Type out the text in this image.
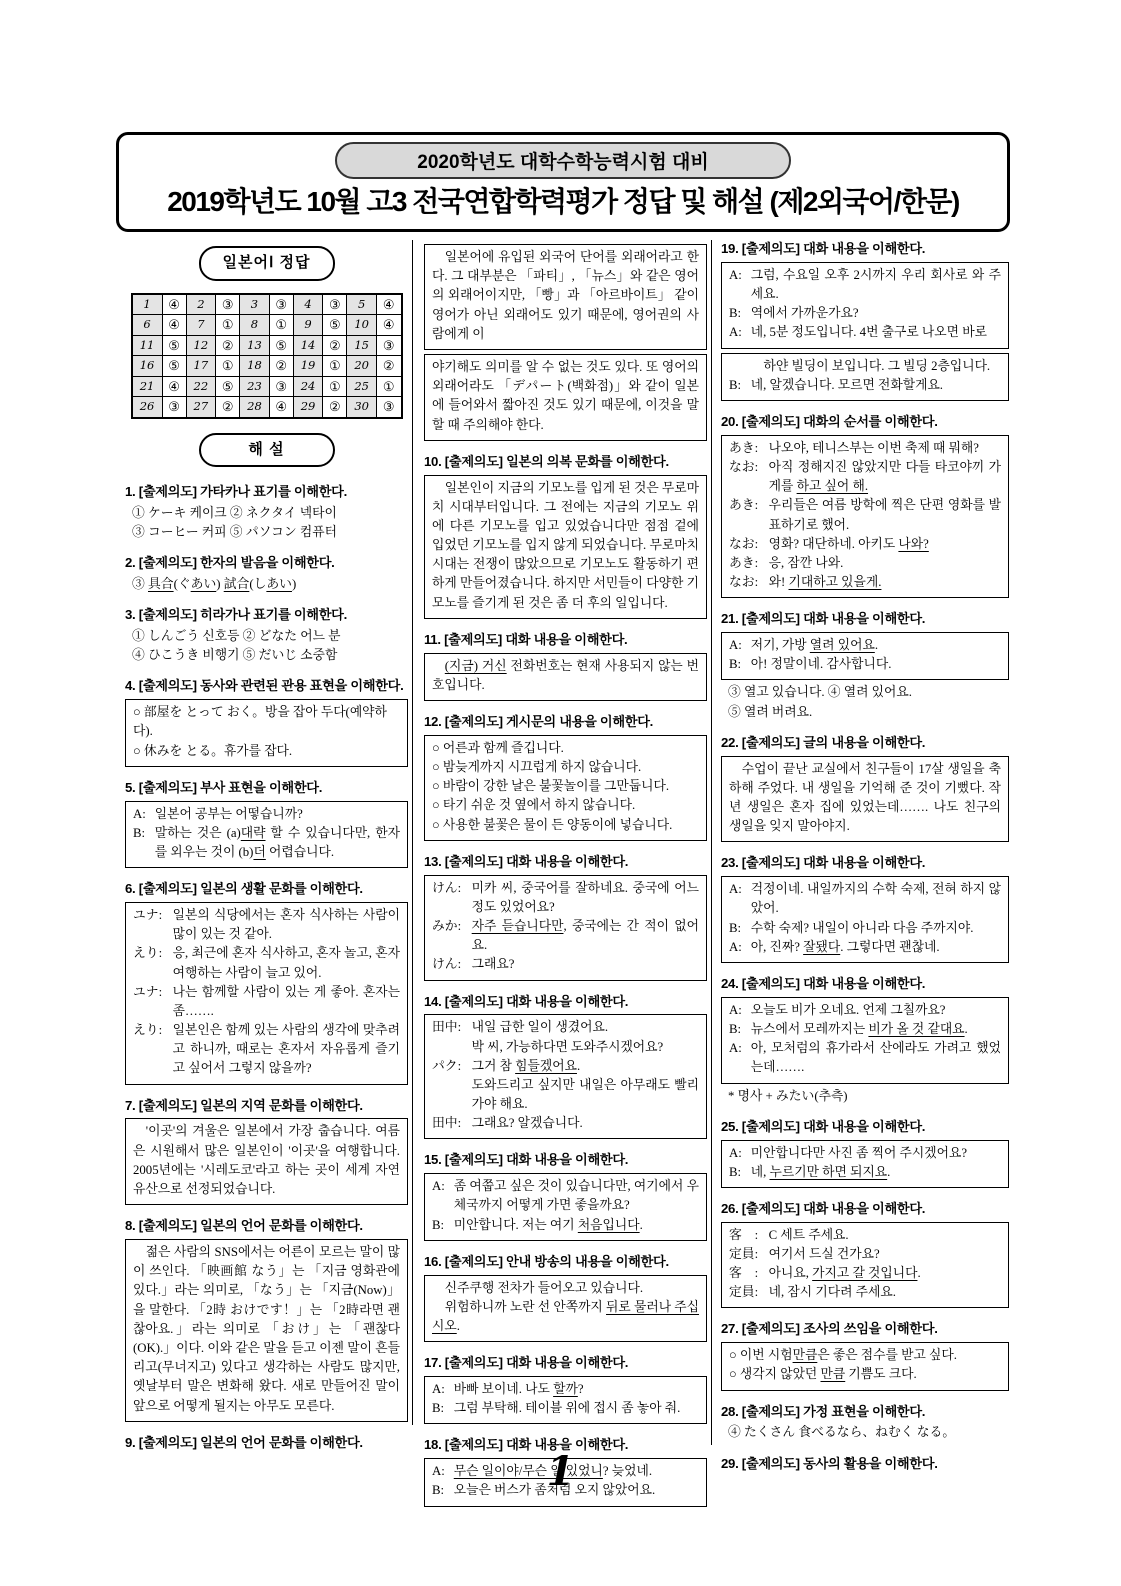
2020학년도 대학수학능력시험 대비
2019학년도 10월 고3 전국연합학력평가 정답 및 해설 (제2외국어/한문)
일본어Ⅰ 정답
1	④	2	③	3	③	4	③	5	④
6	④	7	①	8	①	9	⑤	10	④
11	⑤	12	②	13	⑤	14	②	15	③
16	⑤	17	①	18	②	19	①	20	②
21	④	22	⑤	23	③	24	①	25	①
26	③	27	②	28	④	29	②	30	③
해 설
1. [출제의도] 가타카나 표기를 이해한다.
① ケーキ 케이크 ② ネクタイ 넥타이
③ コーヒー 커피 ⑤ パソコン 컴퓨터
2. [출제의도] 한자의 발음을 이해한다.
③ 具合(ぐあい) 試合(しあい)
3. [출제의도] 히라가나 표기를 이해한다.
① しんごう 신호등 ② どなた 어느 분
④ ひこうき 비행기 ⑤ だいじ 소중함
4. [출제의도] 동사와 관련된 관용 표현을 이해한다.
○ 部屋を とって おく。방을 잡아 두다(예약하다).
○ 休みを とる。휴가를 잡다.
5. [출제의도] 부사 표현을 이해한다.
A: 일본어 공부는 어떻습니까?
B: 말하는 것은 (a)대략 할 수 있습니다만, 한자를 외우는 것이 (b)더 어렵습니다.
6. [출제의도] 일본의 생활 문화를 이해한다.
ユナ: 일본의 식당에서는 혼자 식사하는 사람이 많이 있는 것 같아.
えり: 응, 최근에 혼자 식사하고, 혼자 놀고, 혼자 여행하는 사람이 늘고 있어.
ユナ: 나는 함께할 사람이 있는 게 좋아. 혼자는 좀…….
えり: 일본인은 함께 있는 사람의 생각에 맞추려고 하니까, 때로는 혼자서 자유롭게 즐기고 싶어서 그렇지 않을까?
7. [출제의도] 일본의 지역 문화를 이해한다.
'이곳'의 겨울은 일본에서 가장 춥습니다. 여름은 시원해서 많은 일본인이 '이곳'을 여행합니다. 2005년에는 '시레도코'라고 하는 곳이 세계 자연유산으로 선정되었습니다.
8. [출제의도] 일본의 언어 문화를 이해한다.
젊은 사람의 SNS에서는 어른이 모르는 말이 많이 쓰인다. 「映画館 なう」는 「지금 영화관에 있다.」라는 의미로, 「なう」는 「지금(Now)」을 말한다. 「2時 おけです！」는 「2時라면 괜찮아요.」라는 의미로 「おけ」는 「괜찮다(OK).」이다. 이와 같은 말을 듣고 이젠 말이 흔들리고(무너지고) 있다고 생각하는 사람도 많지만, 옛날부터 말은 변화해 왔다. 새로 만들어진 말이 앞으로 어떻게 될지는 아무도 모른다.
9. [출제의도] 일본의 언어 문화를 이해한다.
일본어에 유입된 외국어 단어를 외래어라고 한다. 그 대부분은 「파티」, 「뉴스」와 같은 영어의 외래어이지만, 「빵」과 「아르바이트」 같이 영어가 아닌 외래어도 있기 때문에, 영어권의 사람에게 이
야기해도 의미를 알 수 없는 것도 있다. 또 영어의 외래어라도 「デパート(백화점)」와 같이 일본에 들어와서 짧아진 것도 있기 때문에, 이것을 말할 때 주의해야 한다.
10. [출제의도] 일본의 의복 문화를 이해한다.
일본인이 지금의 기모노를 입게 된 것은 무로마치 시대부터입니다. 그 전에는 지금의 기모노 위에 다른 기모노를 입고 있었습니다만 점점 겉에 입었던 기모노를 입지 않게 되었습니다. 무로마치 시대는 전쟁이 많았으므로 기모노도 활동하기 편하게 만들어졌습니다. 하지만 서민들이 다양한 기모노를 즐기게 된 것은 좀 더 후의 일입니다.
11. [출제의도] 대화 내용을 이해한다.
(지금) 거신 전화번호는 현재 사용되지 않는 번호입니다.
12. [출제의도] 게시문의 내용을 이해한다.
○ 어른과 함께 즐깁니다.
○ 밤늦게까지 시끄럽게 하지 않습니다.
○ 바람이 강한 날은 불꽃놀이를 그만둡니다.
○ 타기 쉬운 것 옆에서 하지 않습니다.
○ 사용한 불꽃은 물이 든 양동이에 넣습니다.
13. [출제의도] 대화 내용을 이해한다.
けん: 미카 씨, 중국어를 잘하네요. 중국에 어느 정도 있었어요?
みか: 자주 듣습니다만, 중국에는 간 적이 없어요.
けん: 그래요?
14. [출제의도] 대화 내용을 이해한다.
田中: 내일 급한 일이 생겼어요.
박 씨, 가능하다면 도와주시겠어요?
パク: 그거 참 힘들겠어요.
도와드리고 싶지만 내일은 아무래도 빨리 가야 해요.
田中: 그래요? 알겠습니다.
15. [출제의도] 대화 내용을 이해한다.
A: 좀 여쭙고 싶은 것이 있습니다만, 여기에서 우체국까지 어떻게 가면 좋을까요?
B: 미안합니다. 저는 여기 처음입니다.
16. [출제의도] 안내 방송의 내용을 이해한다.
신주쿠행 전차가 들어오고 있습니다.
위험하니까 노란 선 안쪽까지 뒤로 물러나 주십시오.
17. [출제의도] 대화 내용을 이해한다.
A: 바빠 보이네. 나도 할까?
B: 그럼 부탁해. 테이블 위에 접시 좀 놓아 줘.
18. [출제의도] 대화 내용을 이해한다.
A: 무슨 일이야/무슨 일 있었니? 늦었네.
B: 오늘은 버스가 좀처럼 오지 않았어요.
19. [출제의도] 대화 내용을 이해한다.
A: 그럼, 수요일 오후 2시까지 우리 회사로 와 주세요.
B: 역에서 가까운가요?
A: 네, 5분 정도입니다. 4번 출구로 나오면 바로
　하얀 빌딩이 보입니다. 그 빌딩 2층입니다.
B: 네, 알겠습니다. 모르면 전화할게요.
20. [출제의도] 대화의 순서를 이해한다.
あき: 나오야, 테니스부는 이번 축제 때 뭐해?
なお: 아직 정해지진 않았지만 다들 타코야끼 가게를 하고 싶어 해.
あき: 우리들은 여름 방학에 찍은 단편 영화를 발표하기로 했어.
なお: 영화? 대단하네. 아키도 나와?
あき: 응, 잠깐 나와.
なお: 와! 기대하고 있을게.
21. [출제의도] 대화 내용을 이해한다.
A: 저기, 가방 열려 있어요.
B: 아! 정말이네. 감사합니다.
③ 열고 있습니다. ④ 열려 있어요.
⑤ 열려 버려요.
22. [출제의도] 글의 내용을 이해한다.
수업이 끝난 교실에서 친구들이 17살 생일을 축하해 주었다. 내 생일을 기억해 준 것이 기뻤다. 작년 생일은 혼자 집에 있었는데……. 나도 친구의 생일을 잊지 말아야지.
23. [출제의도] 대화 내용을 이해한다.
A: 걱정이네. 내일까지의 수학 숙제, 전혀 하지 않았어.
B: 수학 숙제? 내일이 아니라 다음 주까지야.
A: 아, 진짜? 잘됐다. 그렇다면 괜찮네.
24. [출제의도] 대화 내용을 이해한다.
A: 오늘도 비가 오네요. 언제 그칠까요?
B: 뉴스에서 모레까지는 비가 올 것 같대요.
A: 아, 모처럼의 휴가라서 산에라도 가려고 했었는데…….
* 명사 + みたい(추측)
25. [출제의도] 대화 내용을 이해한다.
A: 미안합니다만 사진 좀 찍어 주시겠어요?
B: 네, 누르기만 하면 되지요.
26. [출제의도] 대화 내용을 이해한다.
客　: C 세트 주세요.
定員: 여기서 드실 건가요?
客　: 아니요, 가지고 갈 것입니다.
定員: 네, 잠시 기다려 주세요.
27. [출제의도] 조사의 쓰임을 이해한다.
○ 이번 시험만큼은 좋은 점수를 받고 싶다.
○ 생각지 않았던 만큼 기쁨도 크다.
28. [출제의도] 가정 표현을 이해한다.
④ たくさん 食べるなら、ねむく なる。
29. [출제의도] 동사의 활용을 이해한다.
1
